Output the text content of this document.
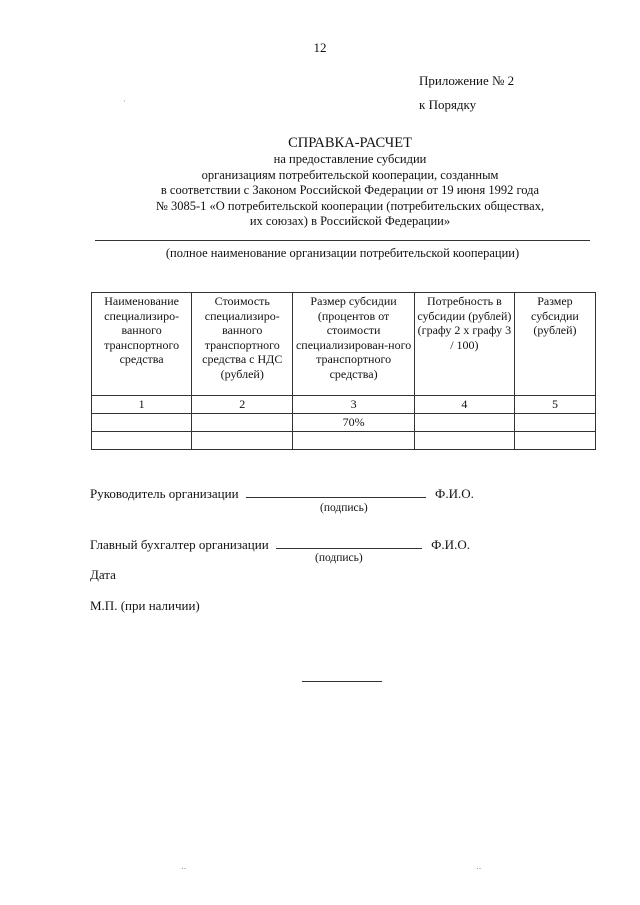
12
Приложение № 2
к Порядку
СПРАВКА-РАСЧЕТ
на предоставление субсидии
организациям потребительской кооперации, созданным
в соответствии с Законом Российской Федерации от 19 июня 1992 года
№ 3085-1 «О потребительской кооперации (потребительских обществах,
их союзах) в Российской Федерации»
(полное наименование организации потребительской кооперации)
Наименование специализиро-ванного транспортного средства	Стоимость специализиро-ванного транспортного средства с НДС (рублей)	Размер субсидии (процентов от стоимости специализирован-ного транспортного средства)	Потребность в субсидии (рублей) (графу 2 х графу 3 / 100)	Размер субсидии (рублей)
1	2	3	4	5
		70%		

Руководитель организации	Ф.И.О.
(подпись)
Главный бухгалтер организации	Ф.И.О.
(подпись)
Дата
М.П. (при наличии)
·
‥	‥
